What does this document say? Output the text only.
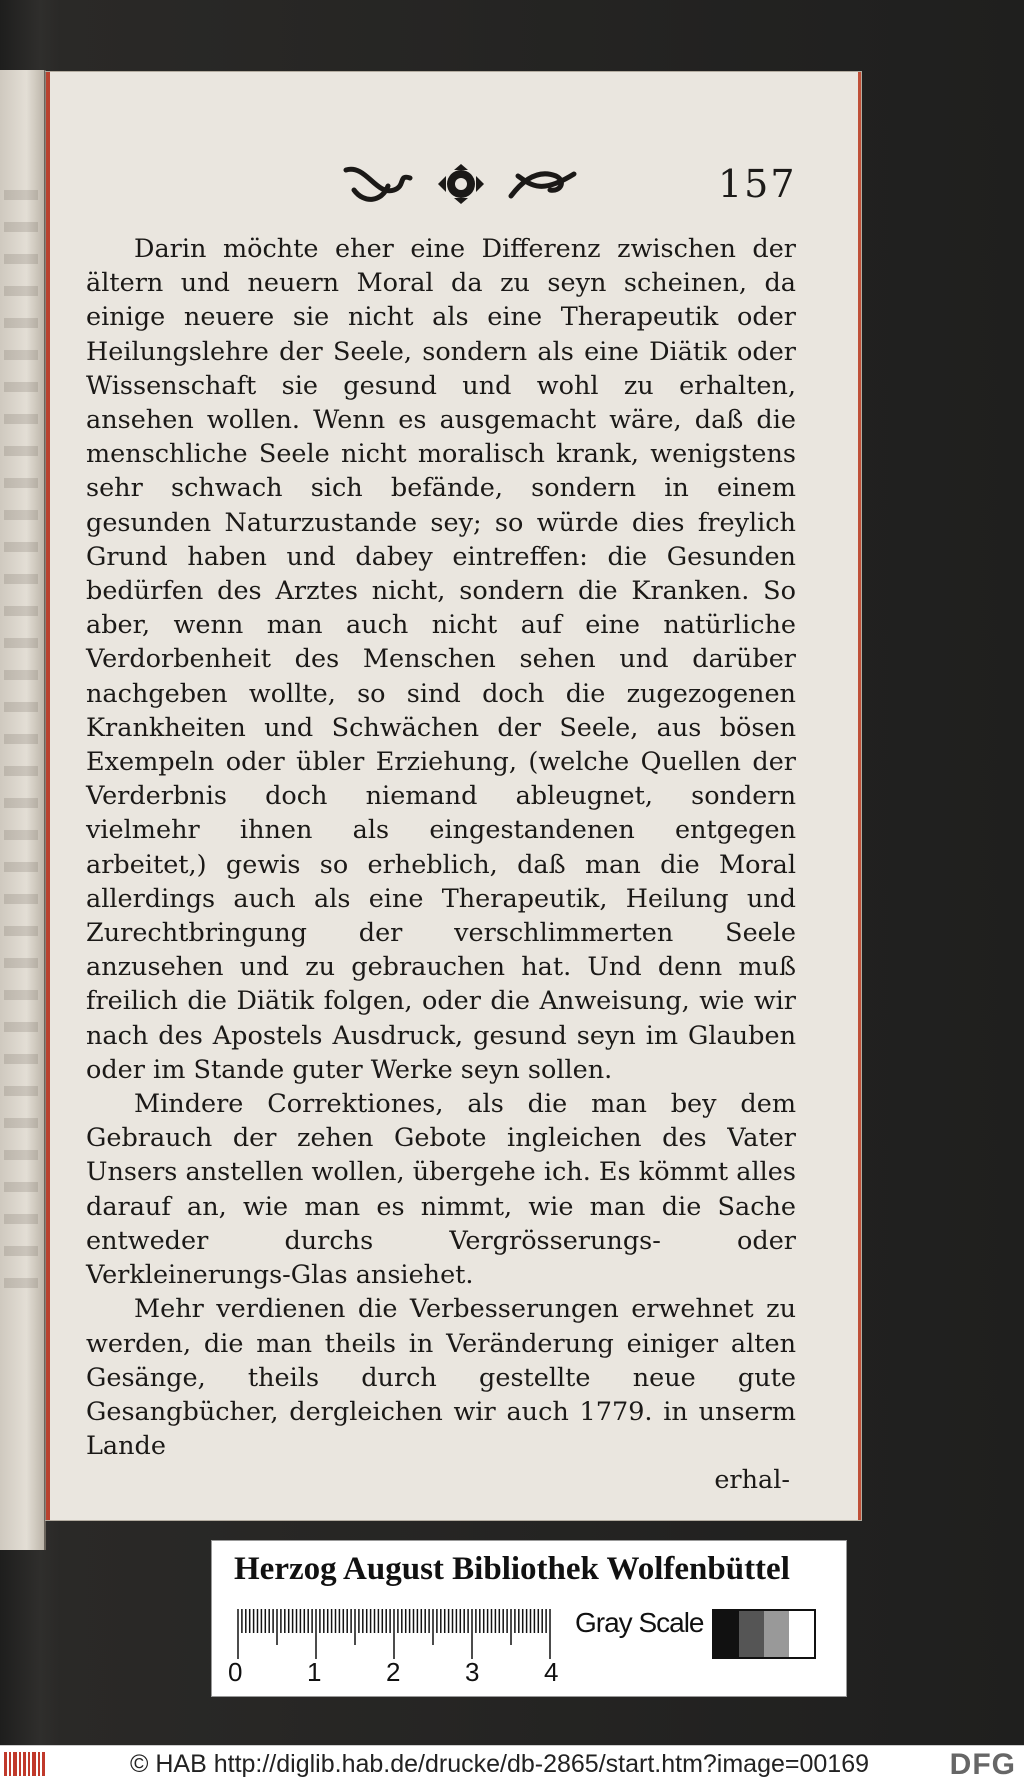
157

Darin möchte eher eine Differenz zwischen der ältern und neuern Moral da zu seyn scheinen, da einige neuere sie nicht als eine Therapeutik oder Heilungslehre der Seele, sondern als eine Diätik oder Wissenschaft sie gesund und wohl zu erhalten, ansehen wollen. Wenn es ausgemacht wäre, daß die menschliche Seele nicht moralisch krank, wenigstens sehr schwach sich befände, sondern in einem gesunden Naturzustande sey; so würde dies freylich Grund haben und dabey eintreffen: die Gesunden bedürfen des Arztes nicht, sondern die Kranken. So aber, wenn man auch nicht auf eine natürliche Verdorbenheit des Menschen sehen und darüber nachgeben wollte, so sind doch die zugezogenen Krankheiten und Schwächen der Seele, aus bösen Exempeln oder übler Erziehung, (welche Quellen der Verderbnis doch niemand ableugnet, sondern vielmehr ihnen als eingestandenen entgegen arbeitet,) gewis so erheblich, daß man die Moral allerdings auch als eine Therapeutik, Heilung und Zurechtbringung der verschlimmerten Seele anzusehen und zu gebrauchen hat. Und denn muß freilich die Diätik folgen, oder die Anweisung, wie wir nach des Apostels Ausdruck, gesund seyn im Glauben oder im Stande guter Werke seyn sollen.

Mindere Correktiones, als die man bey dem Gebrauch der zehen Gebote ingleichen des Vater Unsers anstellen wollen, übergehe ich. Es kömmt alles darauf an, wie man es nimmt, wie man die Sache entweder durchs Vergrösserungs- oder Verkleinerungs-Glas ansiehet.

Mehr verdienen die Verbesserungen erwehnet zu werden, die man theils in Veränderung einiger alten Gesänge, theils durch gestellte neue gute Gesangbücher, dergleichen wir auch 1779. in unserm Lande

erhal-
Herzog August Bibliothek Wolfenbüttel
0 1 2 3 4
Gray Scale
© HAB http://diglib.hab.de/drucke/db-2865/start.htm?image=00169	DFG
